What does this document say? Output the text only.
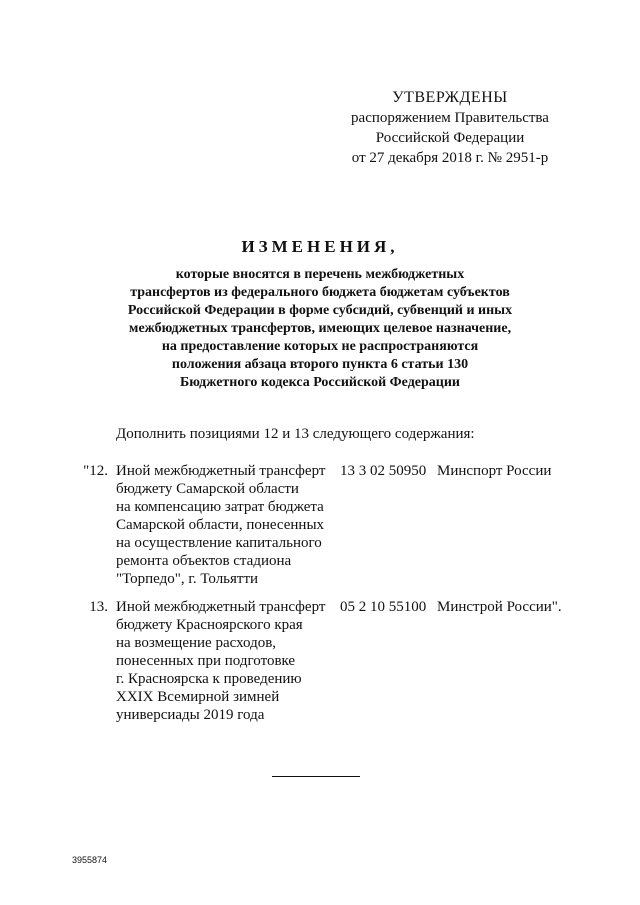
УТВЕРЖДЕНЫ
распоряжением Правительства
Российской Федерации
от 27 декабря 2018 г. № 2951-р
ИЗМЕНЕНИЯ,
которые вносятся в перечень межбюджетных
трансфертов из федерального бюджета бюджетам субъектов
Российской Федерации в форме субсидий, субвенций и иных
межбюджетных трансфертов, имеющих целевое назначение,
на предоставление которых не распространяются
положения абзаца второго пункта 6 статьи 130
Бюджетного кодекса Российской Федерации
Дополнить позициями 12 и 13 следующего содержания:
"12. Иной межбюджетный трансферт
бюджету Самарской области
на компенсацию затрат бюджета
Самарской области, понесенных
на осуществление капитального
ремонта объектов стадиона
"Торпедо", г. Тольятти
13 3 02 50950 Минспорт России
13. Иной межбюджетный трансферт
бюджету Красноярского края
на возмещение расходов,
понесенных при подготовке
г. Красноярска к проведению
XXIX Всемирной зимней
универсиады 2019 года
05 2 10 55100 Минстрой России".
3955874
